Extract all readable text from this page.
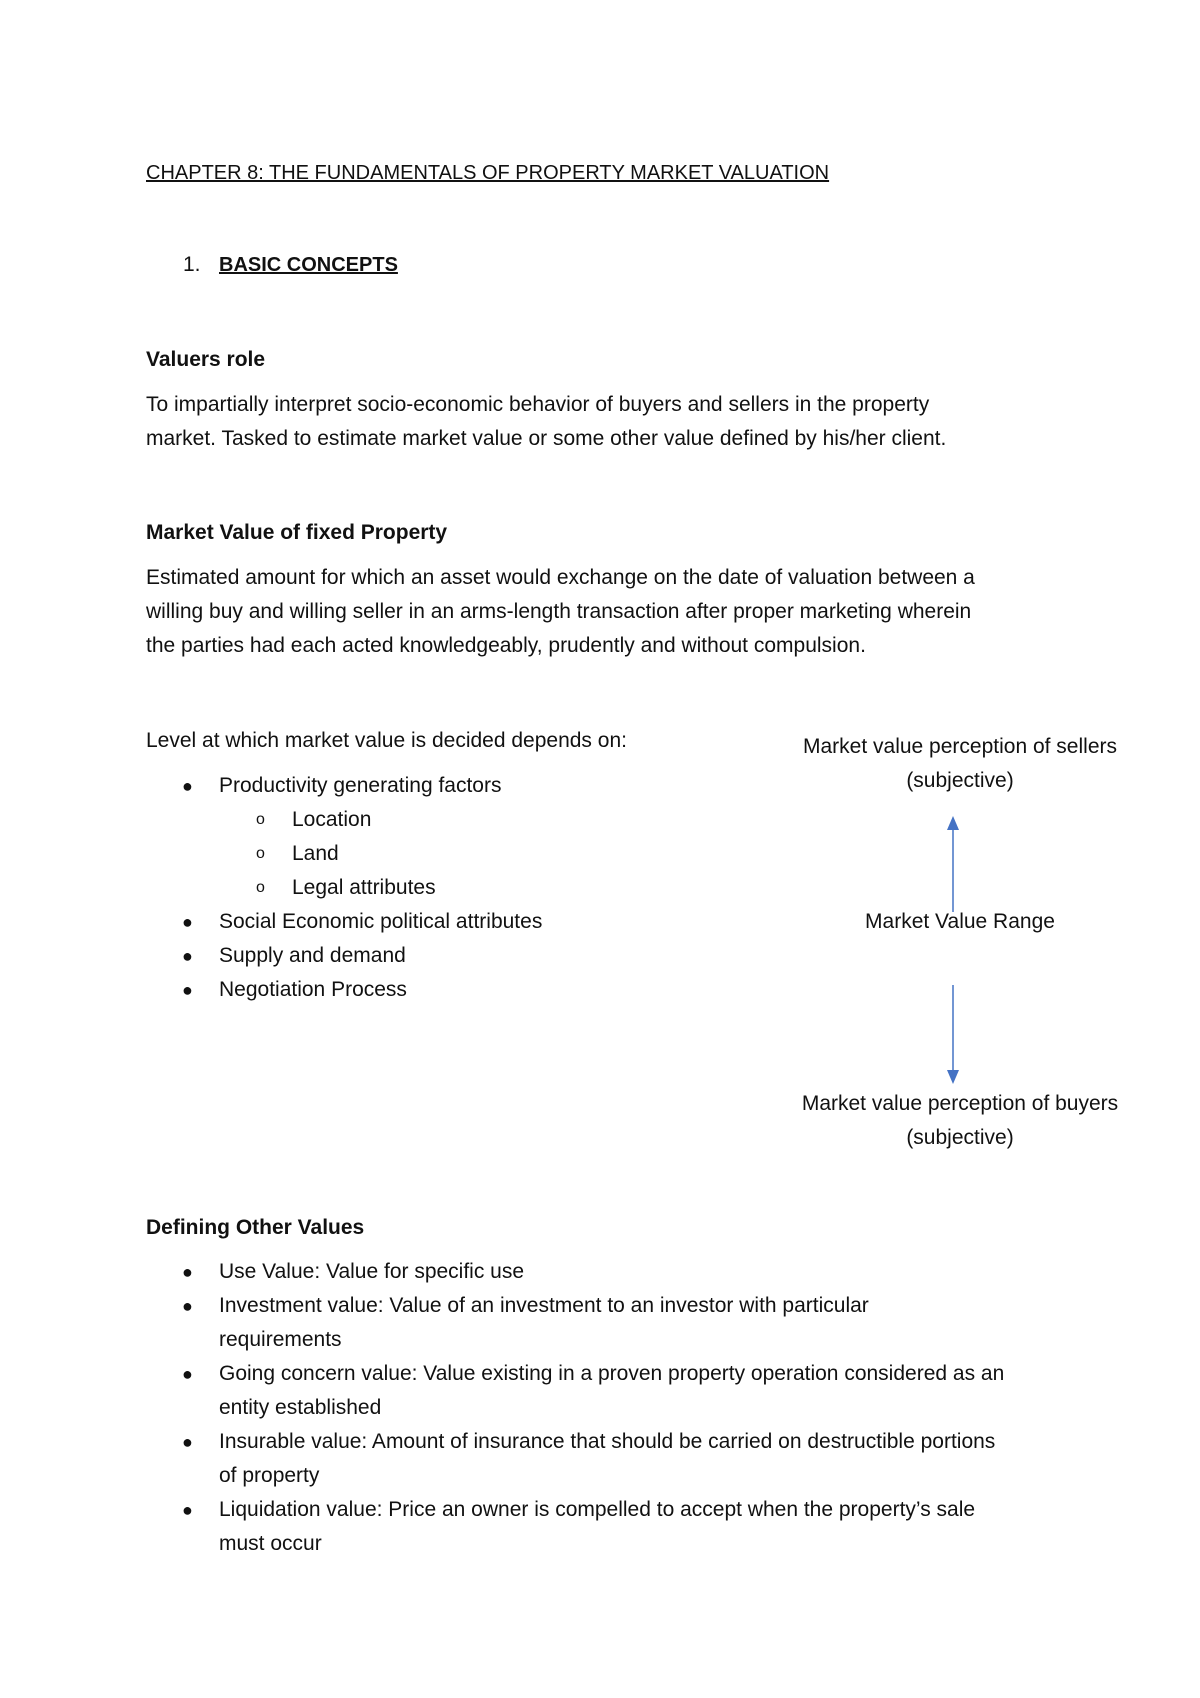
CHAPTER 8: THE FUNDAMENTALS OF PROPERTY MARKET VALUATION
1. BASIC CONCEPTS
Valuers role
To impartially interpret socio-economic behavior of buyers and sellers in the property
market. Tasked to estimate market value or some other value defined by his/her client.
Market Value of fixed Property
Estimated amount for which an asset would exchange on the date of valuation between a
willing buy and willing seller in an arms-length transaction after proper marketing wherein
the parties had each acted knowledgeably, prudently and without compulsion.
Level at which market value is decided depends on:
● Productivity generating factors
o Location
o Land
o Legal attributes
● Social Economic political attributes
● Supply and demand
● Negotiation Process
Market value perception of sellers
(subjective)
Market Value Range
Market value perception of buyers
(subjective)
Defining Other Values
● Use Value: Value for specific use
● Investment value: Value of an investment to an investor with particular
requirements
● Going concern value: Value existing in a proven property operation considered as an
entity established
● Insurable value: Amount of insurance that should be carried on destructible portions
of property
● Liquidation value: Price an owner is compelled to accept when the property’s sale
must occur
